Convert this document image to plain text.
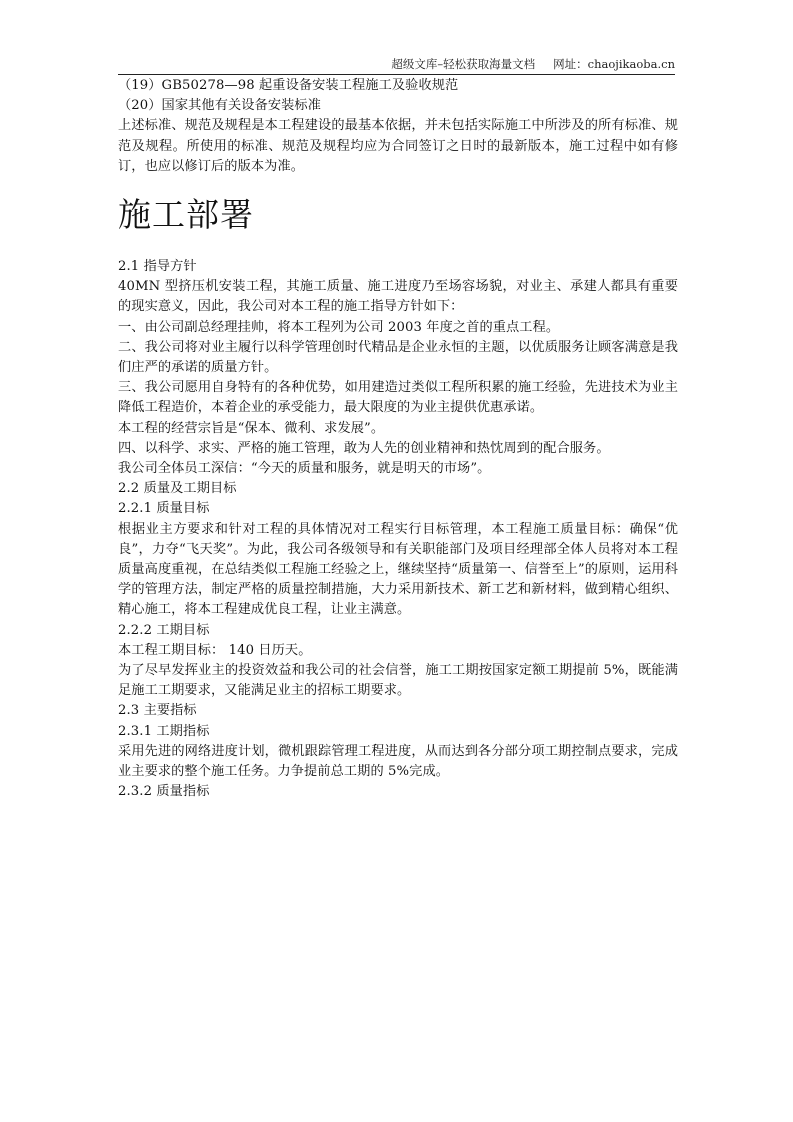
超级文库–轻松获取海量文档 网址：chaojikaoba.cn
（19）GB50278—98 起重设备安装工程施工及验收规范
（20）国家其他有关设备安装标准
上述标准、规范及规程是本工程建设的最基本依据，并未包括实际施工中所涉及的所有标准、规范及规程。所使用的标准、规范及规程均应为合同签订之日时的最新版本，施工过程中如有修订，也应以修订后的版本为准。
施工部署
2.1 指导方针
40MN 型挤压机安装工程，其施工质量、施工进度乃至场容场貌，对业主、承建人都具有重要的现实意义，因此，我公司对本工程的施工指导方针如下：
一、由公司副总经理挂帅，将本工程列为公司 2003 年度之首的重点工程。
二、我公司将对业主履行以科学管理创时代精品是企业永恒的主题，以优质服务让顾客满意是我们庄严的承诺的质量方针。
三、我公司愿用自身特有的各种优势，如用建造过类似工程所积累的施工经验，先进技术为业主降低工程造价，本着企业的承受能力，最大限度的为业主提供优惠承诺。
本工程的经营宗旨是“保本、微利、求发展”。
四、以科学、求实、严格的施工管理，敢为人先的创业精神和热忱周到的配合服务。
我公司全体员工深信：“今天的质量和服务，就是明天的市场”。
2.2 质量及工期目标
2.2.1 质量目标
根据业主方要求和针对工程的具体情况对工程实行目标管理，本工程施工质量目标：确保“优良”，力夺“飞天奖”。为此，我公司各级领导和有关职能部门及项目经理部全体人员将对本工程质量高度重视，在总结类似工程施工经验之上，继续坚持“质量第一、信誉至上”的原则，运用科学的管理方法，制定严格的质量控制措施，大力采用新技术、新工艺和新材料，做到精心组织、精心施工，将本工程建成优良工程，让业主满意。
2.2.2 工期目标
本工程工期目标： 140 日历天。
为了尽早发挥业主的投资效益和我公司的社会信誉，施工工期按国家定额工期提前 5%，既能满足施工工期要求，又能满足业主的招标工期要求。
2.3 主要指标
2.3.1 工期指标
采用先进的网络进度计划，微机跟踪管理工程进度，从而达到各分部分项工期控制点要求，完成业主要求的整个施工任务。力争提前总工期的 5%完成。
2.3.2 质量指标
